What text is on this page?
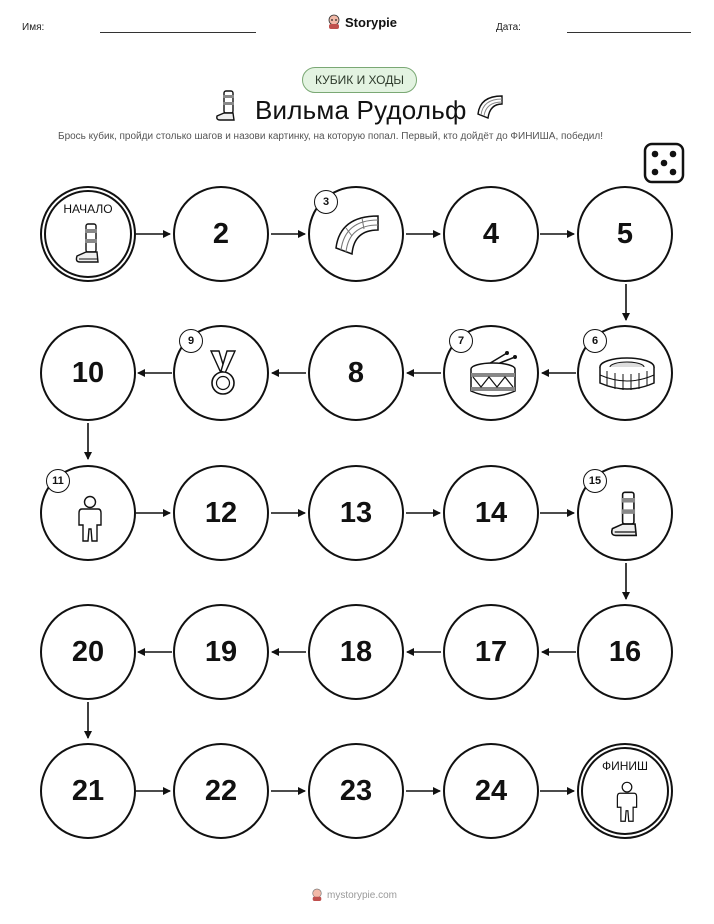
Имя:	Storypie	Дата:
КУБИК И ХОДЫ
Вильма Рудольф
Брось кубик, пройди столько шагов и назови картинку, на которую попал. Первый, кто дойдёт до ФИНИША, победил!
НАЧАЛО
2
3
4	5
10
9
8
7	6
11
12	13	14
15
20	19	18	17	16
21	22	23	24
ФИНИШ
mystorypie.com
